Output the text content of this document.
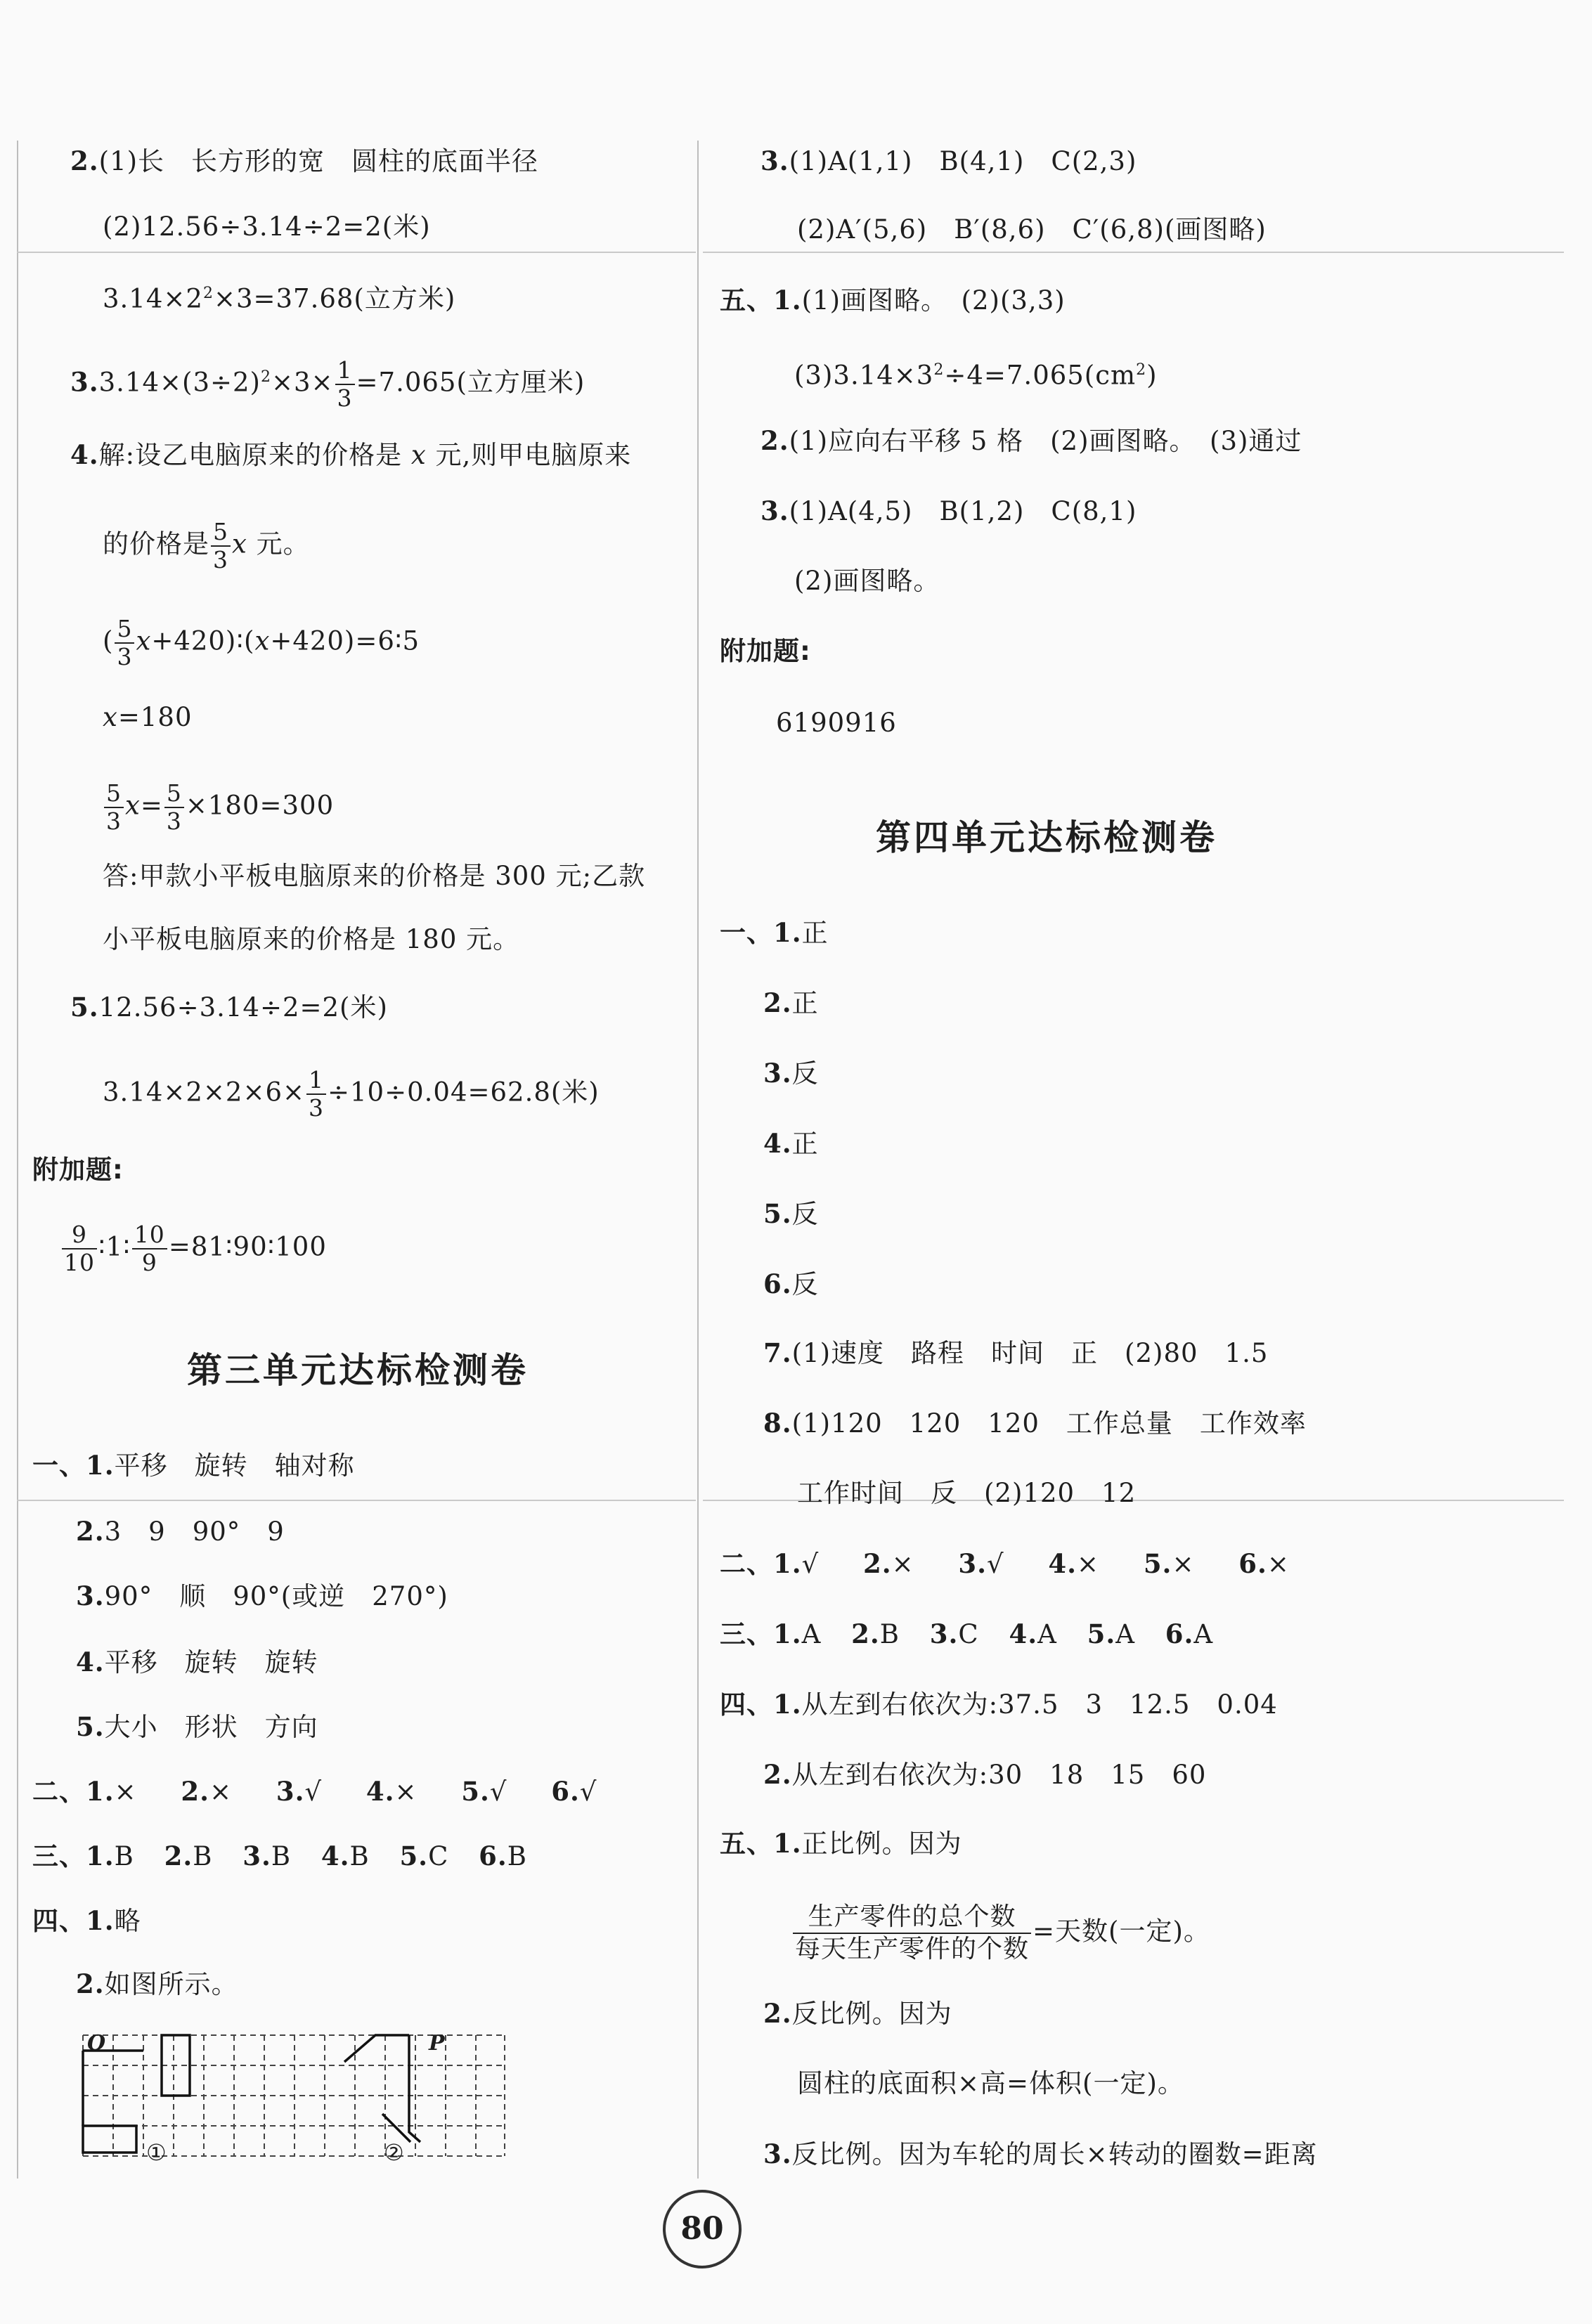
2.(1)长　长方形的宽　圆柱的底面半径
(2)12.56÷3.14÷2=2(米)
$3.14\times 2^2\times 3=37.68$(立方米)
$3.3.14\times(3\div 2)^2\times 3\times \frac{1}{3} =7.065$(立方厘米)
4.解:设乙电脑原来的价格是 x 元,则甲电脑原来
的价格是 $\frac{5}{3}$ x 元。
( $\frac{5}{3}$ x+420)∶(x+420)=6∶5
x=180
$\frac{5}{3} x= \frac{5}{3} \times 180=300$
答:甲款小平板电脑原来的价格是 300 元;乙款
小平板电脑原来的价格是 180 元。
5.12.56÷3.14÷2=2(米)
$3.14\times 2\times 2\times 6\times \frac{1}{3} \div 10\div 0.04=62.8$(米)
附加题:
$\frac{9}{10}$ ∶1∶ $\frac{10}{9}$ =81∶90∶100
第三单元达标检测卷
一、1.平移　旋转　轴对称
2.3　9　90°　9
3.90°　顺　90°(或逆　270°)
4.平移　旋转　旋转
5.大小　形状　方向
二、1.× 2.× 3.√ 4.× 5.√ 6.√
三、1.B 2.B 3.B 4.B 5.C 6.B
四、1.略
2.如图所示。
O	P
①	②
3.(1)A(1,1)　B(4,1)　C(2,3)
(2)A′(5,6)　B′(8,6)　C′(6,8)(画图略)
五、1.(1)画图略。　(2)(3,3)
$(3)3.14\times 3^2\div 4=7.065(cm^2)$
2.(1)应向右平移 5 格　(2)画图略。　(3)通过
3.(1)A(4,5)　B(1,2)　C(8,1)
(2)画图略。
附加题:
6190916
第四单元达标检测卷
一、1.正
2.正
3.反
4.正
5.反
6.反
7.(1)速度　路程　时间　正　(2)80　1.5
8.(1)120　120　120　工作总量　工作效率
工作时间　反　(2)120　12
二、1.√ 2.× 3.√ 4.× 5.× 6.×
三、1.A 2.B 3.C 4.A 5.A 6.A
四、1.从左到右依次为:37.5　3　12.5　0.04
2.从左到右依次为:30　18　15　60
五、1.正比例。因为
$\frac{\text{生产零件的总个数}}{\text{每天生产零件的个数}}$ =天数(一定)。
2.反比例。因为
圆柱的底面积×高=体积(一定)。
3.反比例。因为车轮的周长×转动的圈数=距离
80
